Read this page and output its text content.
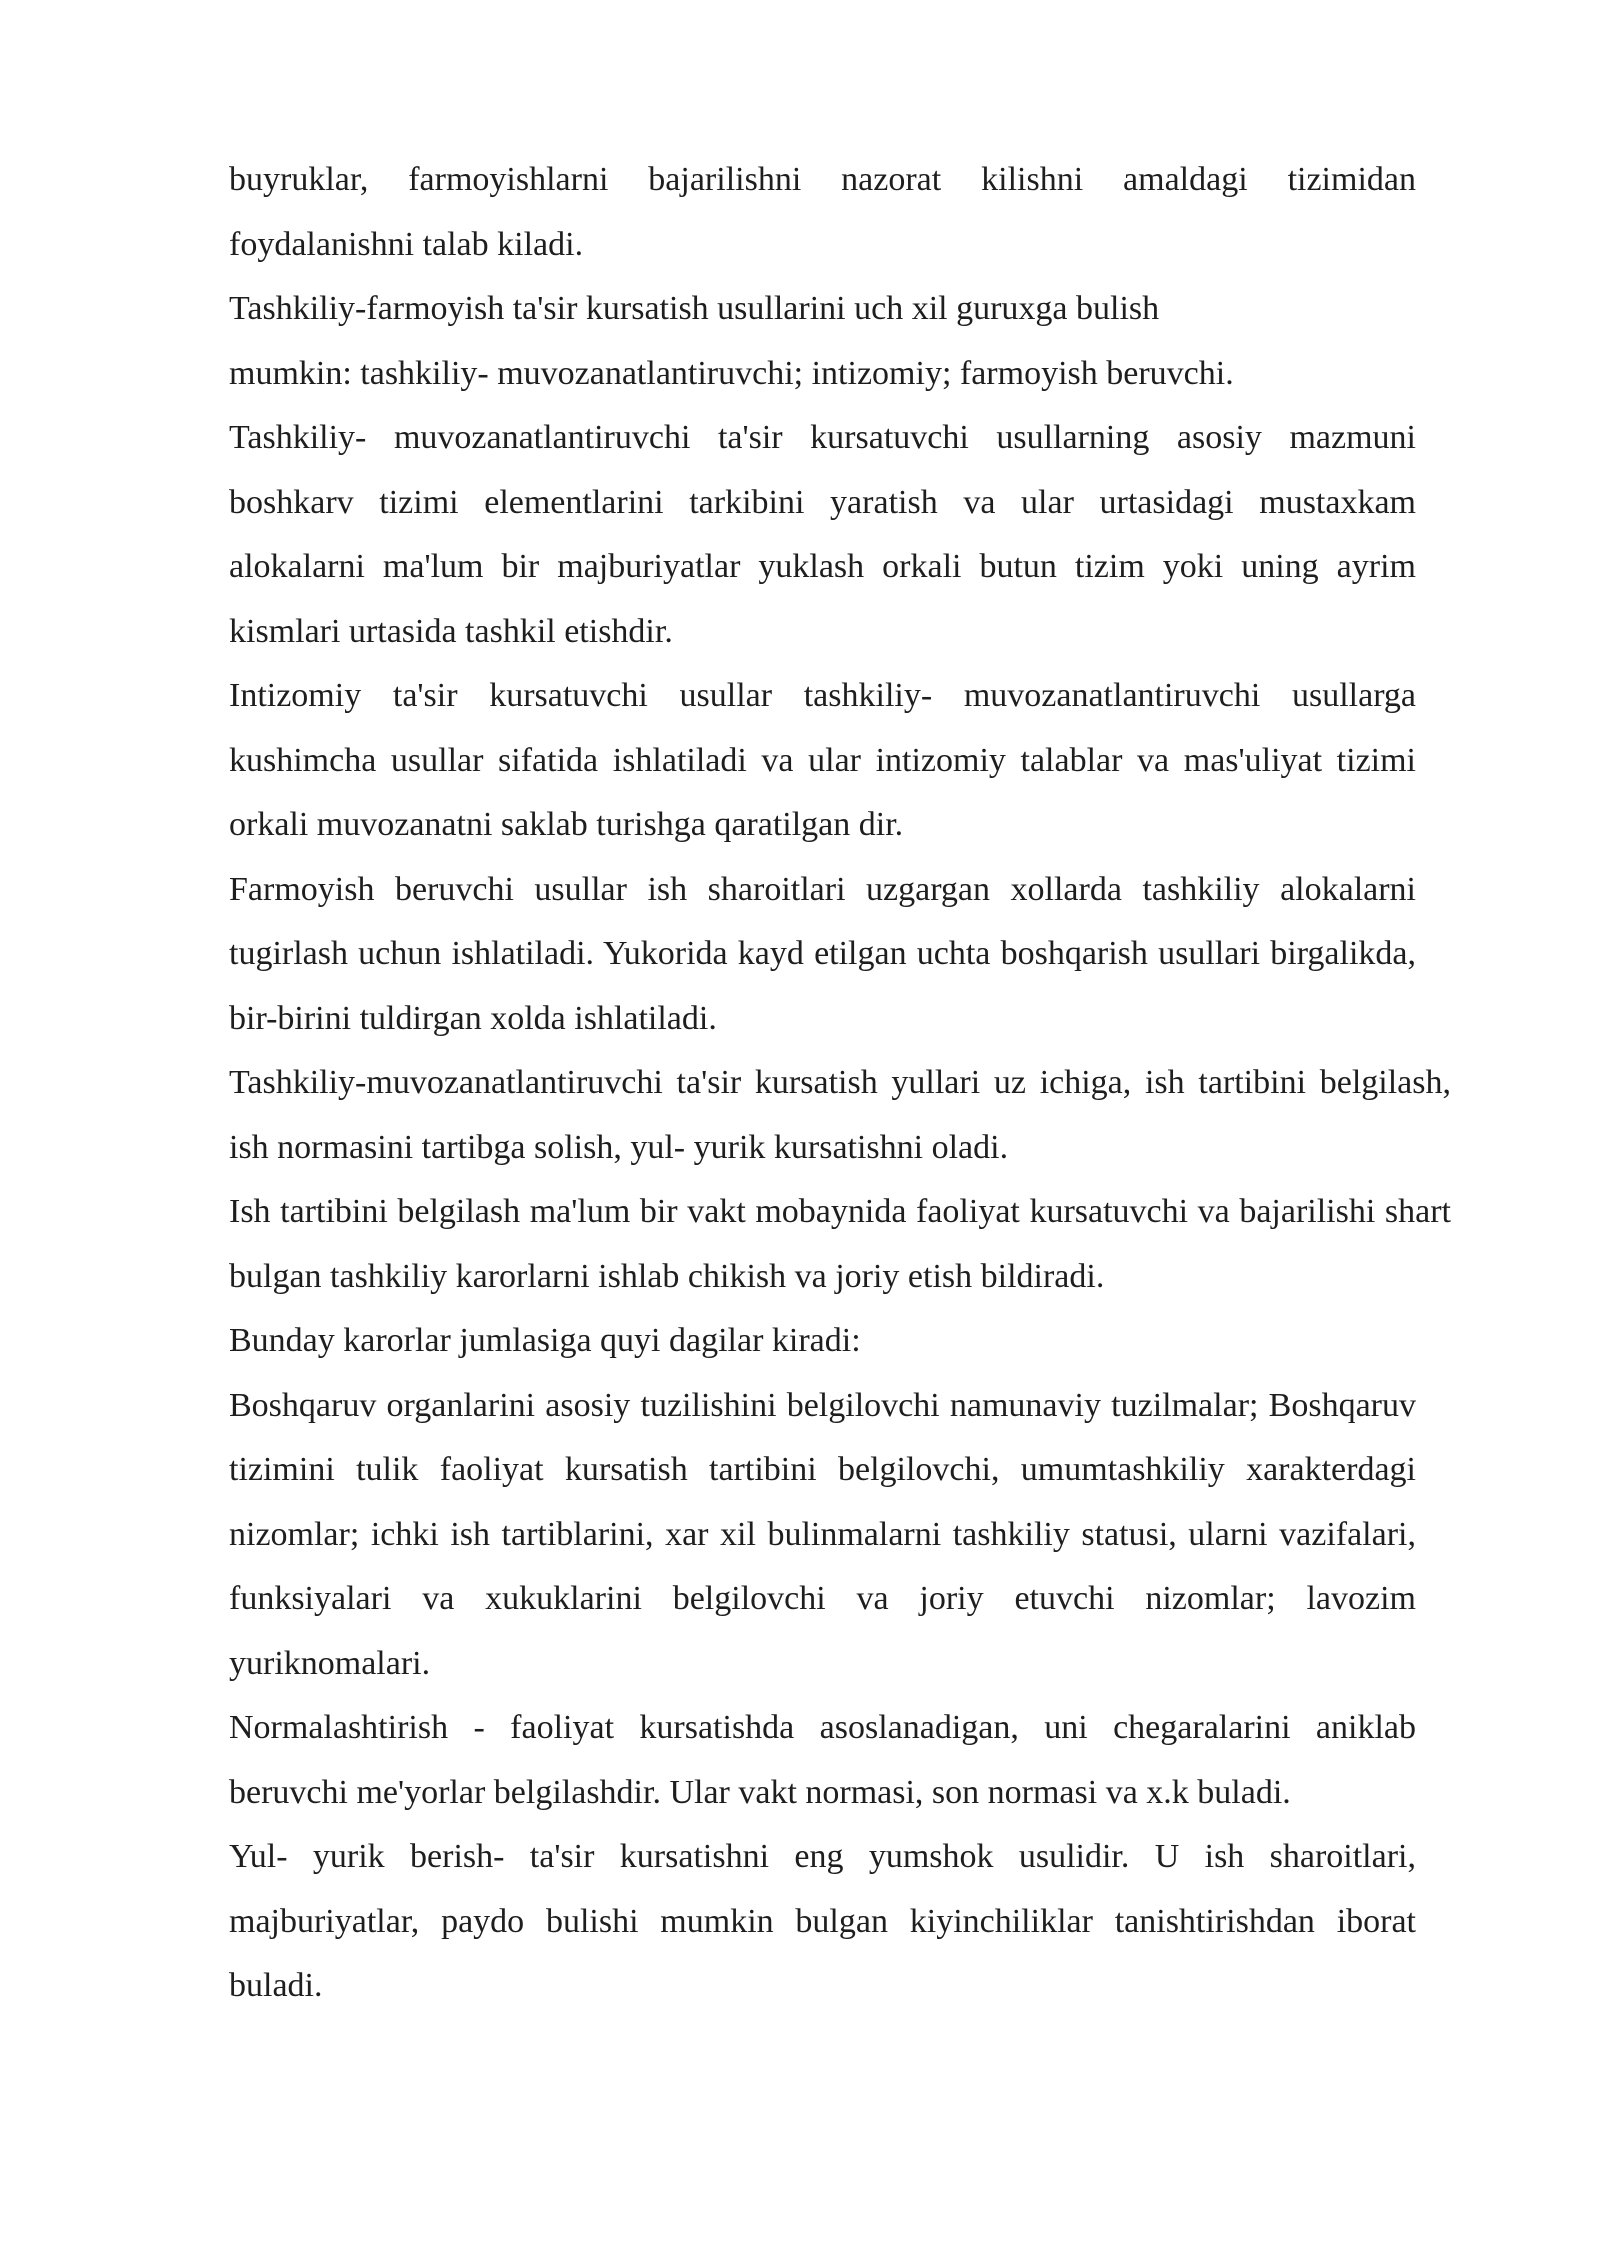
buyruklar, farmoyishlarni bajarilishni nazorat kilishni amaldagi tizimidan foydalanishni talab kiladi.

Tashkiliy-farmoyish ta'sir kursatish usullarini uch xil guruxga bulish

mumkin: tashkiliy- muvozanatlantiruvchi; intizomiy; farmoyish beruvchi.

Tashkiliy- muvozanatlantiruvchi ta'sir kursatuvchi usullarning asosiy mazmuni boshkarv tizimi elementlarini tarkibini yaratish va ular urtasidagi mustaxkam alokalarni ma'lum bir majburiyatlar yuklash orkali butun tizim yoki uning ayrim kismlari urtasida tashkil etishdir.

Intizomiy ta'sir kursatuvchi usullar tashkiliy- muvozanatlantiruvchi usullarga kushimcha usullar sifatida ishlatiladi va ular intizomiy talablar va mas'uliyat tizimi orkali muvozanatni saklab turishga qaratilgan dir.

Farmoyish beruvchi usullar ish sharoitlari uzgargan xollarda tashkiliy alokalarni tugirlash uchun ishlatiladi. Yukorida kayd etilgan uchta boshqarish usullari birgalikda, bir-birini tuldirgan xolda ishlatiladi.

Tashkiliy-muvozanatlantiruvchi ta'sir kursatish yullari uz ichiga, ish tartibini belgilash, ish normasini tartibga solish, yul- yurik kursatishni oladi.

Ish tartibini belgilash ma'lum bir vakt mobaynida faoliyat kursatuvchi va bajarilishi shart bulgan tashkiliy karorlarni ishlab chikish va joriy etish bildiradi.

Bunday karorlar jumlasiga quyi dagilar kiradi:

Boshqaruv organlarini asosiy tuzilishini belgilovchi namunaviy tuzilmalar; Boshqaruv tizimini tulik faoliyat kursatish tartibini belgilovchi, umumtashkiliy xarakterdagi nizomlar; ichki ish tartiblarini, xar xil bulinmalarni tashkiliy statusi, ularni vazifalari, funksiyalari va xukuklarini belgilovchi va joriy etuvchi nizomlar; lavozim yuriknomalari.

Normalashtirish - faoliyat kursatishda asoslanadigan, uni chegaralarini aniklab beruvchi me'yorlar belgilashdir. Ular vakt normasi, son normasi va x.k buladi.

Yul- yurik berish- ta'sir kursatishni eng yumshok usulidir. U ish sharoitlari, majburiyatlar, paydo bulishi mumkin bulgan kiyinchiliklar tanishtirishdan iborat buladi.
